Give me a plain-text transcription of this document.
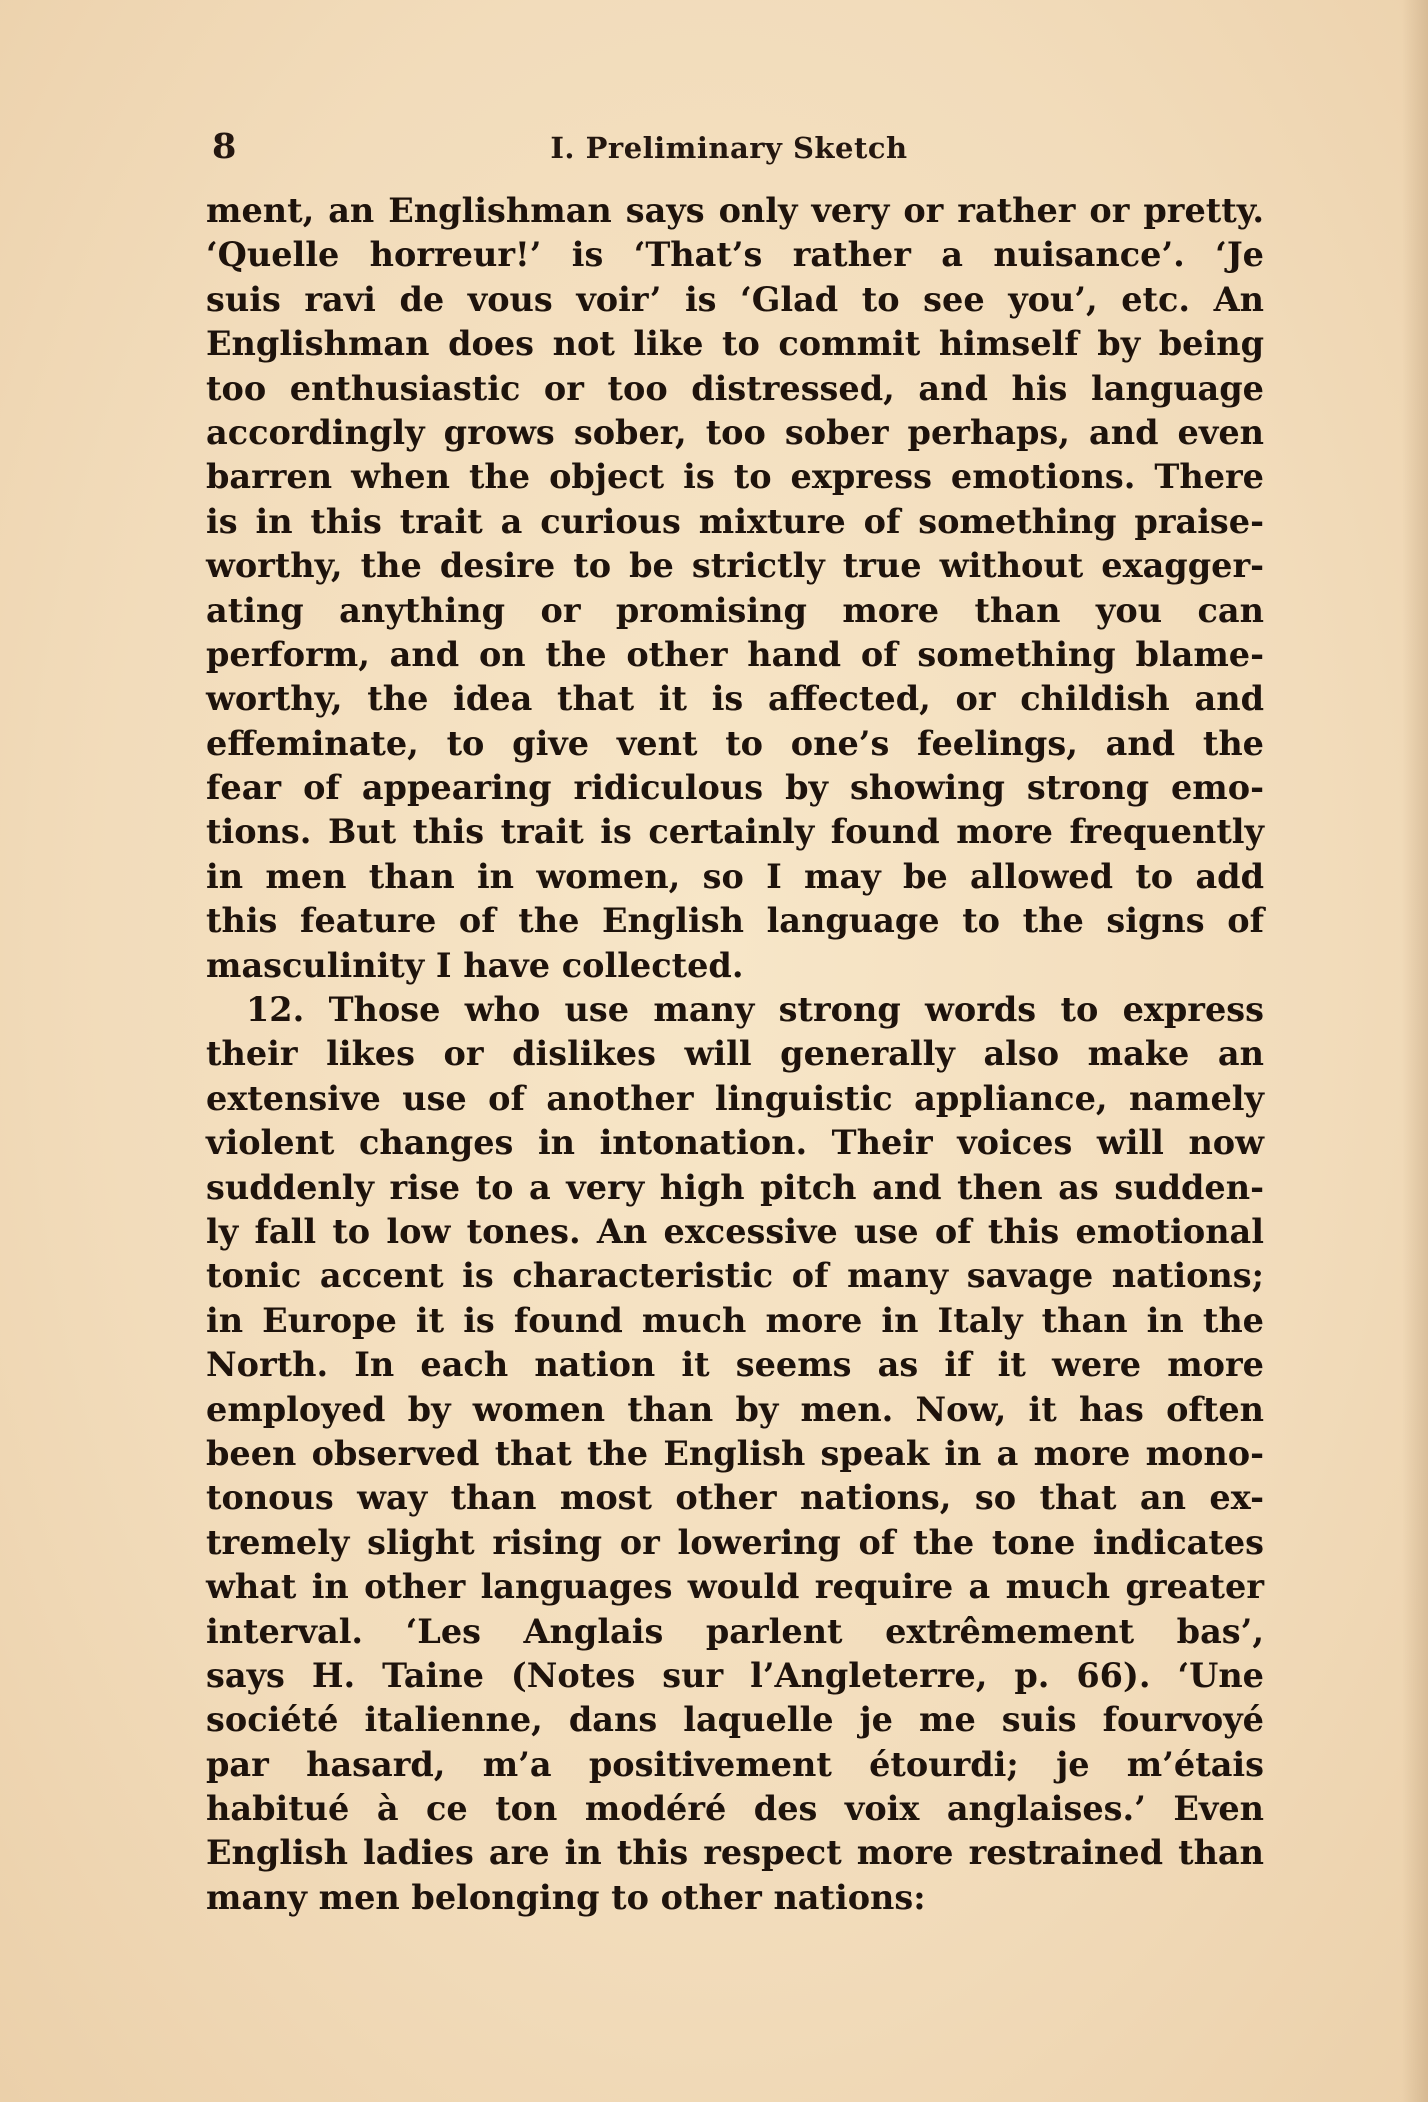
8	I. Preliminary Sketch
ment, an Englishman says only very or rather or pretty.
‘Quelle horreur!’ is ‘That’s rather a nuisance’. ‘Je
suis ravi de vous voir’ is ‘Glad to see you’, etc. An
Englishman does not like to commit himself by being
too enthusiastic or too distressed, and his language
accordingly grows sober, too sober perhaps, and even
barren when the object is to express emotions. There
is in this trait a curious mixture of something praise-
worthy, the desire to be strictly true without exagger-
ating anything or promising more than you can
perform, and on the other hand of something blame-
worthy, the idea that it is affected, or childish and
effeminate, to give vent to one’s feelings, and the
fear of appearing ridiculous by showing strong emo-
tions. But this trait is certainly found more frequently
in men than in women, so I may be allowed to add
this feature of the English language to the signs of
masculinity I have collected.
12. Those who use many strong words to express
their likes or dislikes will generally also make an
extensive use of another linguistic appliance, namely
violent changes in intonation. Their voices will now
suddenly rise to a very high pitch and then as sudden-
ly fall to low tones. An excessive use of this emotional
tonic accent is characteristic of many savage nations;
in Europe it is found much more in Italy than in the
North. In each nation it seems as if it were more
employed by women than by men. Now, it has often
been observed that the English speak in a more mono-
tonous way than most other nations, so that an ex-
tremely slight rising or lowering of the tone indicates
what in other languages would require a much greater
interval. ‘Les Anglais parlent extrêmement bas’,
says H. Taine (Notes sur l’Angleterre, p. 66). ‘Une
société italienne, dans laquelle je me suis fourvoyé
par hasard, m’a positivement étourdi; je m’étais
habitué à ce ton modéré des voix anglaises.’ Even
English ladies are in this respect more restrained than
many men belonging to other nations:
